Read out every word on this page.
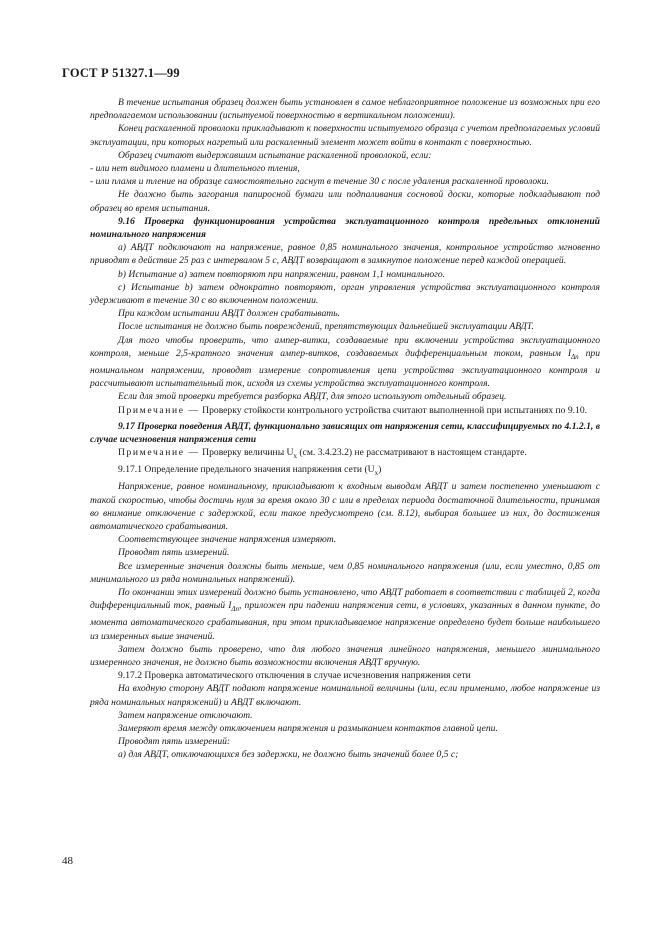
ГОСТ Р 51327.1—99

В течение испытания образец должен быть установлен в самое неблагоприятное положение из возможных при его предполагаемом использовании (испытуемой поверхностью в вертикальном положении).

Конец раскаленной проволоки прикладывают к поверхности испытуемого образца с учетом предполагаемых условий эксплуатации, при которых нагретый или раскаленный элемент может войти в контакт с поверхностью.

Образец считают выдержавшим испытание раскаленной проволокой, если:

- или нет видимого пламени и длительного тления,

- или пламя и тление на образце самостоятельно гаснут в течение 30 с после удаления раскаленной проволоки.

Не должно быть загорания папиросной бумаги или подпаливания сосновой доски, которые подкладывают под образец во время испытания.

9.16 Проверка функционирования устройства эксплуатационного контроля предельных отклонений номинального напряжения

a) АВДТ подключают на напряжение, равное 0,85 номинального значения, контрольное устройство мгновенно приводят в действие 25 раз с интервалом 5 с, АВДТ возвращают в замкнутое положение перед каждой операцией.

b) Испытание a) затем повторяют при напряжении, равном 1,1 номинального.

c) Испытание b) затем однократно повторяют, орган управления устройства эксплуатационного контроля удерживают в течение 30 с во включенном положении.

При каждом испытании АВДТ должен срабатывать.

После испытания не должно быть повреждений, препятствующих дальнейшей эксплуатации АВДТ.

Для того чтобы проверить, что ампер-витки, создаваемые при включении устройства эксплуатационного контроля, меньше 2,5-кратного значения ампер-витков, создаваемых дифференциальным током, равным $I_{\Delta n}$ при номинальном напряжении, проводят измерение сопротивления цепи устройства эксплуатационного контроля и рассчитывают испытательный ток, исходя из схемы устройства эксплуатационного контроля.

Если для этой проверки требуется разборка АВДТ, для этого используют отдельный образец.

Примечание — Проверку стойкости контрольного устройства считают выполненной при испытаниях по 9.10.

9.17 Проверка поведения АВДТ, функционально зависящих от напряжения сети, классифицируемых по 4.1.2.1, в случае исчезновения напряжения сети

Примечание — Проверку величины $U_x$ (см. 3.4.23.2) не рассматривают в настоящем стандарте.

9.17.1 Определение предельного значения напряжения сети $(U_x)$

Напряжение, равное номинальному, прикладывают к входным выводам АВДТ и затем постепенно уменьшают с такой скоростью, чтобы достичь нуля за время около 30 с или в пределах периода достаточной длительности, принимая во внимание отключение с задержкой, если такое предусмотрено (см. 8.12), выбирая большее из них, до достижения автоматического срабатывания.

Соответствующее значение напряжения измеряют.

Проводят пять измерений.

Все измеренные значения должны быть меньше, чем 0,85 номинального напряжения (или, если уместно, 0,85 от минимального из ряда номинальных напряжений).

По окончании этих измерений должно быть установлено, что АВДТ работает в соответствии с таблицей 2, когда дифференциальный ток, равный $I_{\Delta n}$, приложен при падении напряжения сети, в условиях, указанных в данном пункте, до момента автоматического срабатывания, при этом прикладываемое напряжение определено будет больше наибольшего из измеренных выше значений.

Затем должно быть проверено, что для любого значения линейного напряжения, меньшего минимального измеренного значения, не должно быть возможности включения АВДТ вручную.

9.17.2 Проверка автоматического отключения в случае исчезновения напряжения сети

На входную сторону АВДТ подают напряжение номинальной величины (или, если применимо, любое напряжение из ряда номинальных напряжений) и АВДТ включают.

Затем напряжение отключают.

Замеряют время между отключением напряжения и размыканием контактов главной цепи.

Проводят пять измерений:

а) для АВДТ, отключающихся без задержки, не должно быть значений более 0,5 с;

48
